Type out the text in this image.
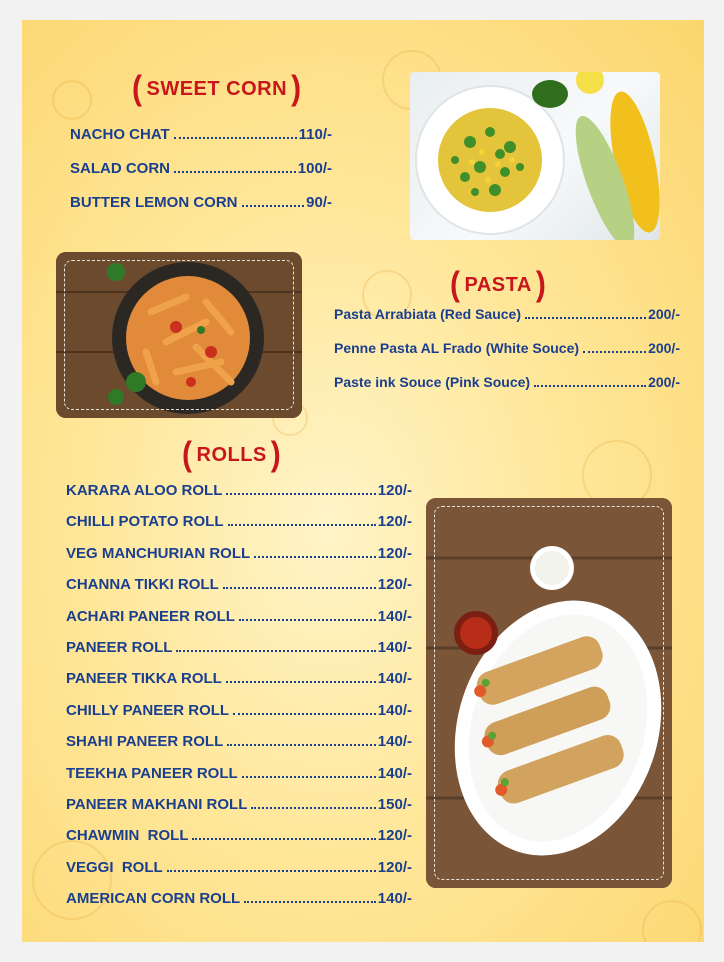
( SWEET CORN )
NACHO CHAT	110/-
SALAD CORN	100/-
BUTTER LEMON CORN	90/-
( PASTA )
Pasta Arrabiata (Red Sauce)	200/-
Penne Pasta AL Frado (White Souce)	200/-
Paste ink Souce (Pink Souce)	200/-
( ROLLS )
KARARA ALOO ROLL	120/-
CHILLI POTATO ROLL	120/-
VEG MANCHURIAN ROLL	120/-
CHANNA TIKKI ROLL	120/-
ACHARI PANEER ROLL	140/-
PANEER ROLL	140/-
PANEER TIKKA ROLL	140/-
CHILLY PANEER ROLL	140/-
SHAHI PANEER ROLL	140/-
TEEKHA PANEER ROLL	140/-
PANEER MAKHANI ROLL	150/-
CHAWMIN  ROLL	120/-
VEGGI  ROLL	120/-
AMERICAN CORN ROLL	140/-
